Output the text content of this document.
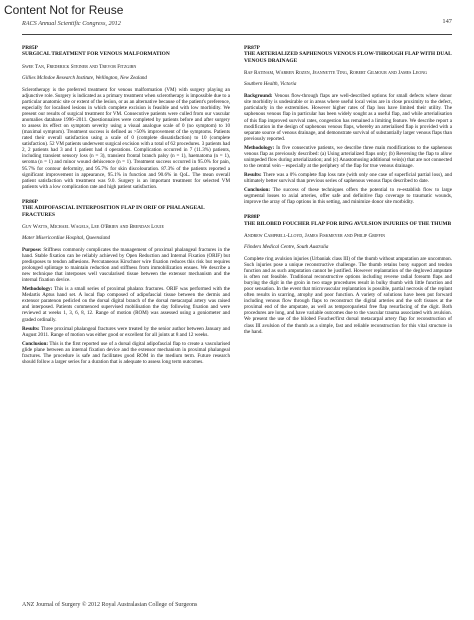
Content Not for Reuse
RACS Annual Scientific Congress, 2012	147
PR85P
SURGICAL TREATMENT FOR VENOUS MALFORMATION
Swee Tan, Frederick Steiner and Trevor Fitzgibn
Gillies McIndoe Research Institute, Wellington, New Zealand

Sclerotherapy is the preferred treatment for venous malformation (VM) with surgery playing an adjunctive role. Surgery is indicated as a primary treatment when sclerotherapy is impossible due to a particular anatomic site or extent of the lesion, or as an alternative because of the patient's preference, especially for localised lesions in which complete excision is feasible and with low morbidity. We present our results of surgical treatment for VM. Consecutive patients were culled from our vascular anomalies database 1996–2011. Questionnaires were completed by patients before and after surgery to assess its effect on symptom severity using a visual analogue scale of 0 (no symptom) to 10 (maximal symptom). Treatment success is defined as >50% improvement of the symptoms. Patients rated their overall satisfaction using a scale of 0 (complete dissatisfaction) to 10 (complete satisfaction). 52 VM patients underwent surgical excision with a total of 62 procedures. 3 patients had 2, 2 patients had 3 and 1 patient had 4 operations. Complication occurred in 7 (11.3%) patients, including transient sensory loss (n = 3), transient frontal branch palsy (n = 1), haematoma (n = 1), seroma (n = 1) and minor wound dehiscence (n = 1). Treatment success occurred in 95.0% for pain, 95.7% for contour deformity, and 95.7% for skin discolouration. 87.3% of the patients reported a significant improvement in appearance, 95.1% in function and 90.6% in QoL. The mean overall patient satisfaction with treatment was 9.0. Surgery is an important treatment for selected VM patients with a low complication rate and high patient satisfaction.

PR86P
THE ADIPOFASCIAL INTERPOSITION FLAP IN ORIF OF PHALANGEAL FRACTURES
Guy Watts, Michael Wagels, Lee O'Brien and Brendan Louie
Mater Misericordiae Hospital, Queensland

Purpose: Stiffness commonly complicates the management of proximal phalangeal fractures in the hand. Stable fixation can be reliably achieved by Open Reduction and Internal Fixation (ORIF) but predisposes to tendon adhesions. Percutaneous Kirschner wire fixation reduces this risk but requires prolonged splintage to maintain reduction and stiffness from immobilization ensues. We describe a new technique that interposes well vascularised tissue between the extensor mechanism and the internal fixation device.

Methodology: This is a small series of proximal phalanx fractures. ORIF was performed with the Medartis Aptus hand set. A local flap composed of adipofascial tissue between the dermis and extensor paratenon pedicled on the dorsal digital branch of the dorsal metacarpal artery was raised and interposed. Patients commenced supervised mobilisation the day following fixation and were reviewed at weeks 1, 3, 6, 8, 12. Range of motion (ROM) was assessed using a goniometer and graded ordinally.

Results: Three proximal phalangeal fractures were treated by the senior author between January and August 2011. Range of motion was either good or excellent for all joints at 8 and 12 weeks.

Conclusion: This is the first reported use of a dorsal digital adipofascial flap to create a vascularised glide plane between an internal fixation device and the extensor mechanism in proximal phalangeal fractures. The procedure is safe and facilitates good ROM in the medium term. Future research should follow a larger series for a duration that is adequate to assess long term outcomes.

PR87P
THE ARTERIALIZED SAPHENOUS VENOUS FLOW-THROUGH FLAP WITH DUAL VENOUS DRAINAGE
Raf Ratinam, Warren Rozen, Jeannette Ting, Robert Gilmour and James Leong
Southern Health, Victoria

Background: Venous flow-through flaps are well-described options for small defects where donor site morbidity is undesirable or in areas where useful local veins are in close proximity to the defect, particularly in the extremities. However higher rates of flap loss have limited their utility. The saphenous venous flap in particular has been widely sought as a useful flap, and while arterialisation of this flap improved survival rates, congestion has remained a limiting feature. We describe report a modification in the design of saphenous venous flaps, whereby an arterialised flap is provided with a separate source of venous drainage, and demonstrate survival of substantially larger venous flaps than previously reported.

Methodology: In five consecutive patients, we describe three main modifications to the saphenous venous flap as previously described: (a) Using arterialized flaps only; (b) Reversing the flap to allow unimpeded flow during arterialization; and (c) Anastomosing additional vein(s) that are not connected to the central vein – especially at the periphery of the flap for true venous drainage.

Results: There was a 0% complete flap loss rate (with only one case of superficial partial loss), and ultimately better survival than previous series of saphenous venous flaps described to date.

Conclusion: The success of these techniques offers the potential to re-establish flow to large segmental losses to axial arteries, offer safe and definitive flap coverage to traumatic wounds, improve the array of flap options in this setting, and minimize donor site morbidity.

PR88P
THE BILOBED FOUCHER FLAP FOR RING AVULSION INJURIES OF THE THUMB
Andrew Campbell-Lloyd, James Fiskmeyer and Philip Griffin
Flinders Medical Centre, South Australia

Complete ring avulsion injuries (Urbaniak class III) of the thumb without amputation are uncommon. Such injuries pose a unique reconstructive challenge. The thumb retains bony support and tendon function and as such amputation cannot be justified. However replantation of the degloved amputate is often not feasible. Traditional reconstructive options including reverse radial forearm flaps and burying the digit in the groin in two stage procedures result in bulky thumb with little function and poor sensation. In the event that microvascular replantation is possible, partial necrosis of the replant often results in scarring, atrophy and poor function. A variety of solutions have been put forward including venous flow through flaps to reconstruct the digital arteries and the soft tissues at the proximal end of the amputate, as well as temporoparietal free flap resurfacing of the digit. Both procedures are long, and have variable outcomes due to the vascular trauma associated with avulsion. We present the use of the bilobed Foucher/first dorsal metacarpal artery flap for reconstruction of class III avulsion of the thumb as a simple, fast and reliable reconstruction for this vital structure in the hand.

ANZ Journal of Surgery © 2012 Royal Australasian College of Surgeons
